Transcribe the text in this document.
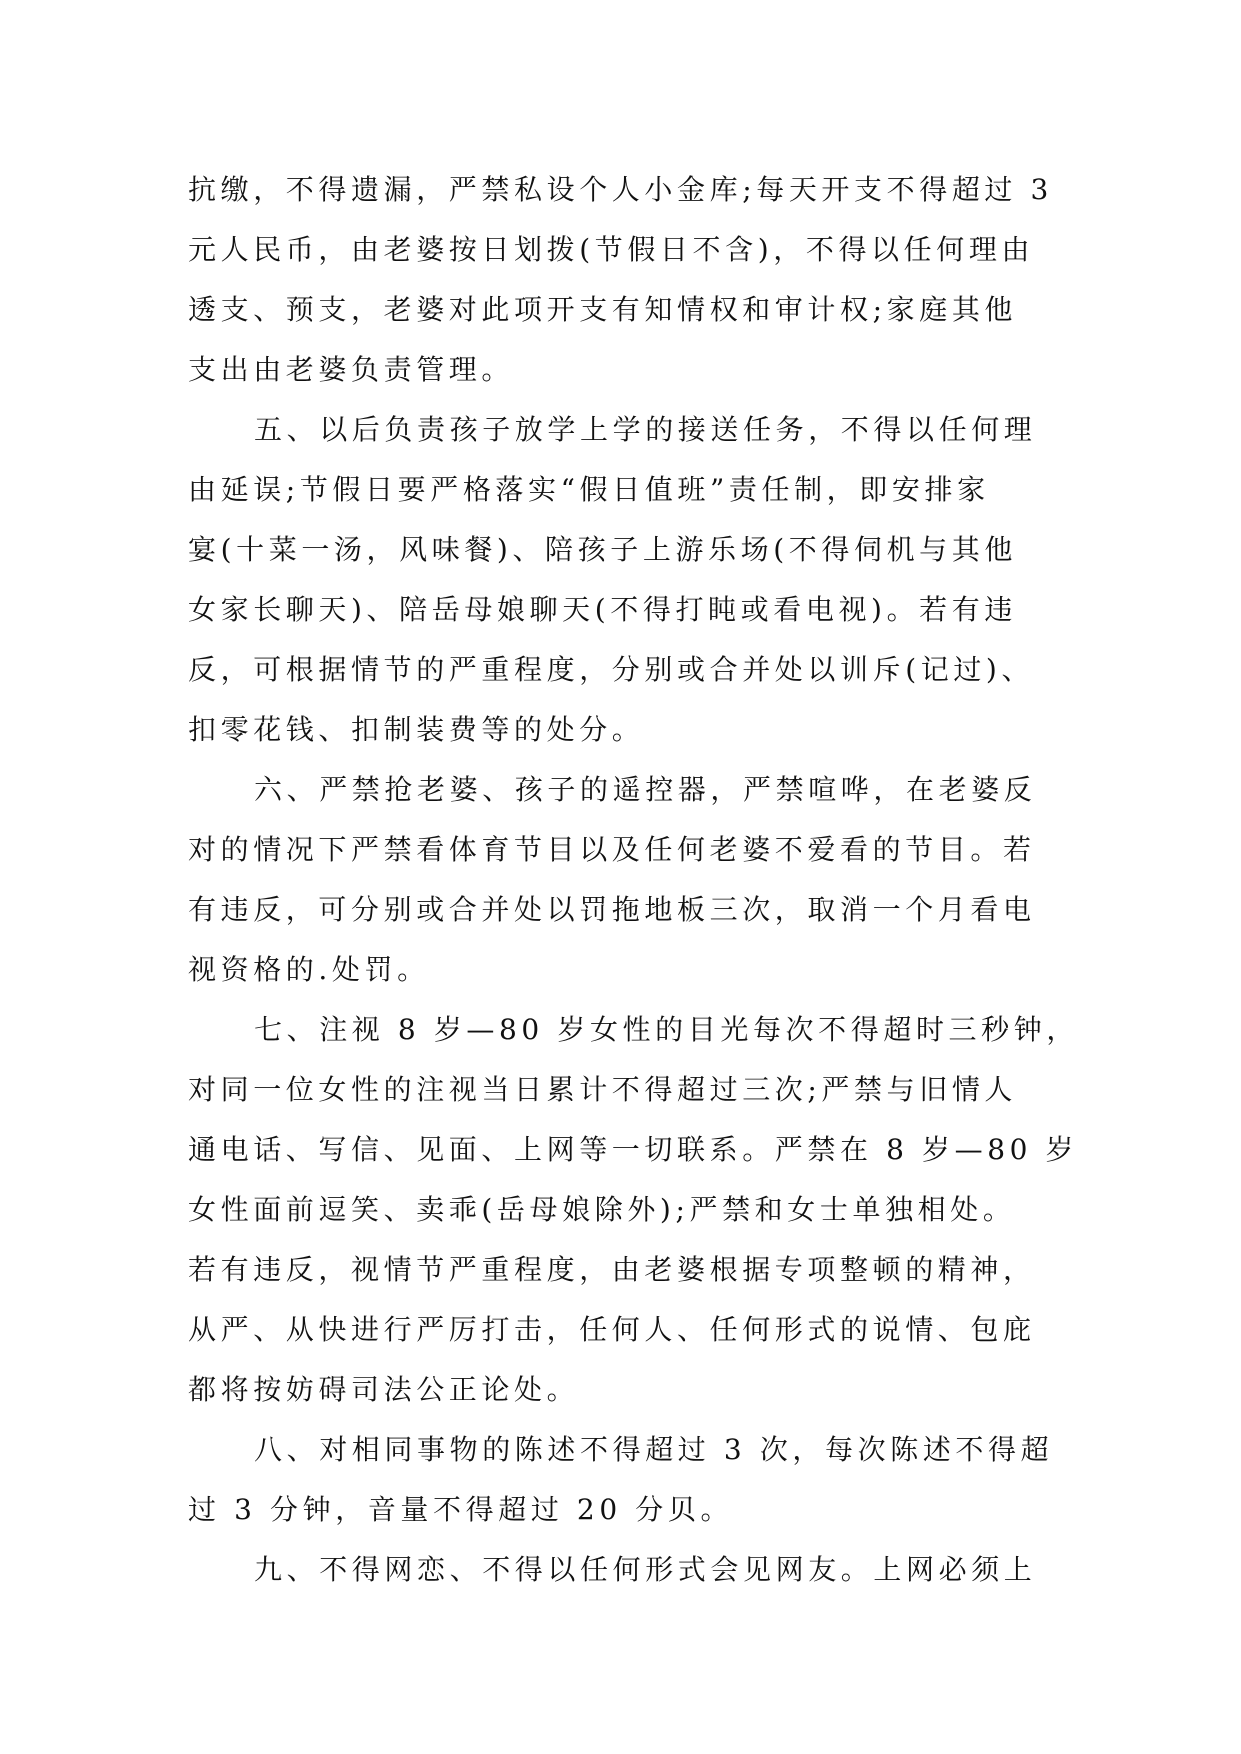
抗缴，不得遗漏，严禁私设个人小金库;每天开支不得超过 3
元人民币，由老婆按日划拨(节假日不含)，不得以任何理由
透支、预支，老婆对此项开支有知情权和审计权;家庭其他
支出由老婆负责管理。
五、以后负责孩子放学上学的接送任务，不得以任何理
由延误;节假日要严格落实“假日值班”责任制，即安排家
宴(十菜一汤，风味餐)、陪孩子上游乐场(不得伺机与其他
女家长聊天)、陪岳母娘聊天(不得打盹或看电视)。若有违
反，可根据情节的严重程度，分别或合并处以训斥(记过)、
扣零花钱、扣制装费等的处分。
六、严禁抢老婆、孩子的遥控器，严禁喧哗，在老婆反
对的情况下严禁看体育节目以及任何老婆不爱看的节目。若
有违反，可分别或合并处以罚拖地板三次，取消一个月看电
视资格的.处罚。
七、注视 8 岁—80 岁女性的目光每次不得超时三秒钟，
对同一位女性的注视当日累计不得超过三次;严禁与旧情人
通电话、写信、见面、上网等一切联系。严禁在 8 岁—80 岁
女性面前逗笑、卖乖(岳母娘除外);严禁和女士单独相处。
若有违反，视情节严重程度，由老婆根据专项整顿的精神，
从严、从快进行严厉打击，任何人、任何形式的说情、包庇
都将按妨碍司法公正论处。
八、对相同事物的陈述不得超过 3 次，每次陈述不得超
过 3 分钟，音量不得超过 20 分贝。
九、不得网恋、不得以任何形式会见网友。上网必须上
